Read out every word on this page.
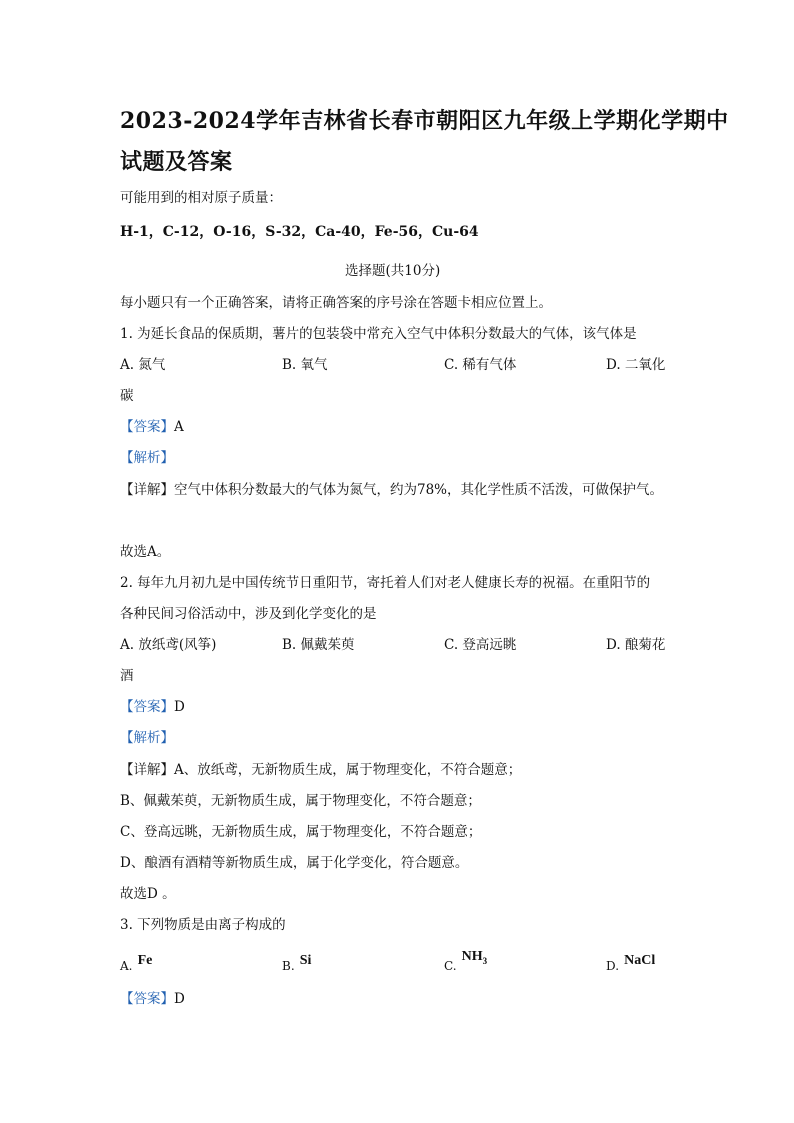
2023-2024学年吉林省长春市朝阳区九年级上学期化学期中
试题及答案
可能用到的相对原子质量：
H-1，C-12，O-16，S-32，Ca-40，Fe-56，Cu-64
选择题(共10分)
每小题只有一个正确答案，请将正确答案的序号涂在答题卡相应位置上。
1. 为延长食品的保质期，薯片的包装袋中常充入空气中体积分数最大的气体，该气体是
A. 氮气	B. 氧气	C. 稀有气体	D. 二氧化
碳
【答案】A
【解析】
【详解】空气中体积分数最大的气体为氮气，约为78%，其化学性质不活泼，可做保护气。
故选A。
2. 每年九月初九是中国传统节日重阳节，寄托着人们对老人健康长寿的祝福。在重阳节的
各种民间习俗活动中，涉及到化学变化的是
A. 放纸鸢(风筝)	B. 佩戴茱萸	C. 登高远眺	D. 酿菊花
酒
【答案】D
【解析】
【详解】A、放纸鸢，无新物质生成，属于物理变化，不符合题意；
B、佩戴茱萸，无新物质生成，属于物理变化，不符合题意；
C、登高远眺，无新物质生成，属于物理变化，不符合题意；
D、酿酒有酒精等新物质生成，属于化学变化，符合题意。
故选D 。
3. 下列物质是由离子构成的
A. Fe	B. Si	C. $NH_3$	D. NaCl
【答案】D
